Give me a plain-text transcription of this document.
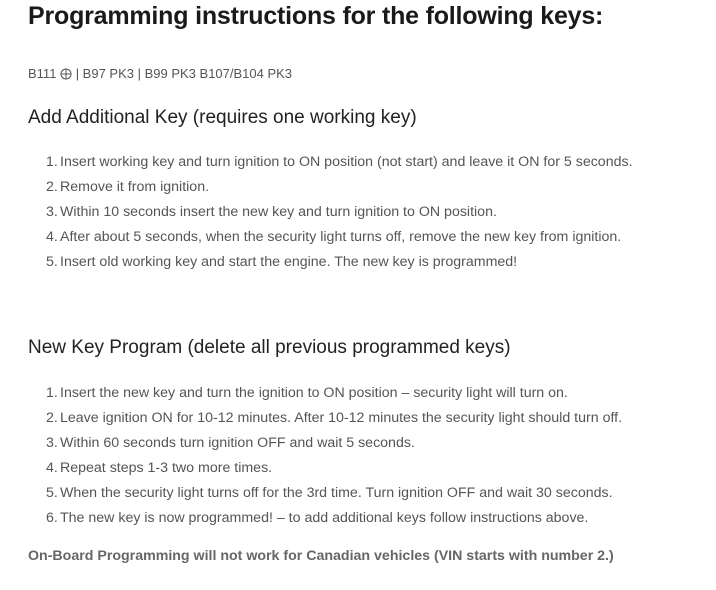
Programming instructions for the following keys:
B111 | B97 PK3 | B99 PK3 B107/B104 PK3
Add Additional Key (requires one working key)
Insert working key and turn ignition to ON position (not start) and leave it ON for 5 seconds.
Remove it from ignition.
Within 10 seconds insert the new key and turn ignition to ON position.
After about 5 seconds, when the security light turns off, remove the new key from ignition.
Insert old working key and start the engine. The new key is programmed!
New Key Program (delete all previous programmed keys)
Insert the new key and turn the ignition to ON position – security light will turn on.
Leave ignition ON for 10-12 minutes. After 10-12 minutes the security light should turn off.
Within 60 seconds turn ignition OFF and wait 5 seconds.
Repeat steps 1-3 two more times.
When the security light turns off for the 3rd time. Turn ignition OFF and wait 30 seconds.
The new key is now programmed! – to add additional keys follow instructions above.

On-Board Programming will not work for Canadian vehicles (VIN starts with number 2.)
